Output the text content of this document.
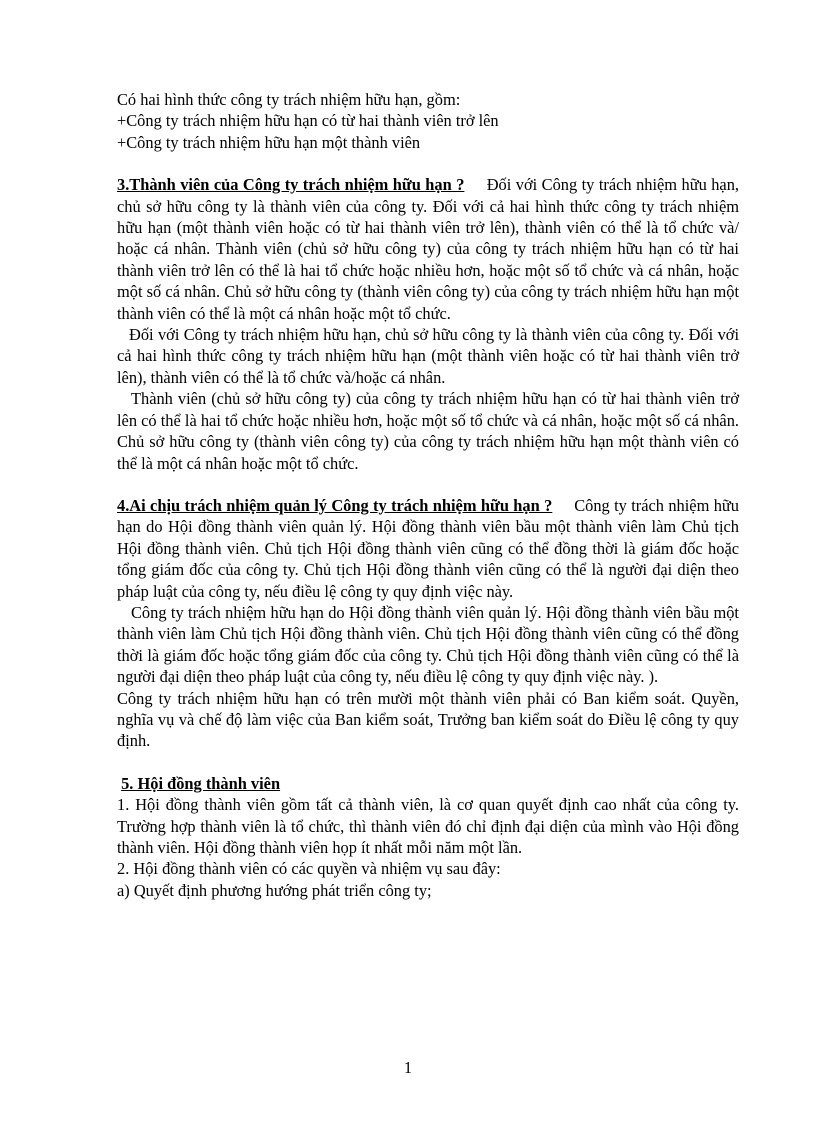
Có hai hình thức công ty trách nhiệm hữu hạn, gồm:

+Công ty trách nhiệm hữu hạn có từ hai thành viên trở lên

+Công ty trách nhiệm hữu hạn một thành viên

3.Thành viên của Công ty trách nhiệm hữu hạn ? Đối với Công ty trách nhiệm hữu hạn, chủ sở hữu công ty là thành viên của công ty. Đối với cả hai hình thức công ty trách nhiệm hữu hạn (một thành viên hoặc có từ hai thành viên trở lên), thành viên có thể là tổ chức và/ hoặc cá nhân. Thành viên (chủ sở hữu công ty) của công ty trách nhiệm hữu hạn có từ hai thành viên trở lên có thể là hai tổ chức hoặc nhiều hơn, hoặc một số tổ chức và cá nhân, hoặc một số cá nhân. Chủ sở hữu công ty (thành viên công ty) của công ty trách nhiệm hữu hạn một thành viên có thể là một cá nhân hoặc một tổ chức.

Đối với Công ty trách nhiệm hữu hạn, chủ sở hữu công ty là thành viên của công ty. Đối với cả hai hình thức công ty trách nhiệm hữu hạn (một thành viên hoặc có từ hai thành viên trở lên), thành viên có thể là tổ chức và/hoặc cá nhân.

Thành viên (chủ sở hữu công ty) của công ty trách nhiệm hữu hạn có từ hai thành viên trở lên có thể là hai tổ chức hoặc nhiều hơn, hoặc một số tổ chức và cá nhân, hoặc một số cá nhân. Chủ sở hữu công ty (thành viên công ty) của công ty trách nhiệm hữu hạn một thành viên có thể là một cá nhân hoặc một tổ chức.

4.Ai chịu trách nhiệm quản lý Công ty trách nhiệm hữu hạn ? Công ty trách nhiệm hữu hạn do Hội đồng thành viên quản lý. Hội đồng thành viên bầu một thành viên làm Chủ tịch Hội đồng thành viên. Chủ tịch Hội đồng thành viên cũng có thể đồng thời là giám đốc hoặc tổng giám đốc của công ty. Chủ tịch Hội đồng thành viên cũng có thể là người đại diện theo pháp luật của công ty, nếu điều lệ công ty quy định việc này.

Công ty trách nhiệm hữu hạn do Hội đồng thành viên quản lý. Hội đồng thành viên bầu một thành viên làm Chủ tịch Hội đồng thành viên. Chủ tịch Hội đồng thành viên cũng có thể đồng thời là giám đốc hoặc tổng giám đốc của công ty. Chủ tịch Hội đồng thành viên cũng có thể là người đại diện theo pháp luật của công ty, nếu điều lệ công ty quy định việc này. ).

Công ty trách nhiệm hữu hạn có trên mười một thành viên phải có Ban kiểm soát. Quyền, nghĩa vụ và chế độ làm việc của Ban kiểm soát, Trưởng ban kiểm soát do Điều lệ công ty quy định.

5. Hội đồng thành viên

1. Hội đồng thành viên gồm tất cả thành viên, là cơ quan quyết định cao nhất của công ty. Trường hợp thành viên là tổ chức, thì thành viên đó chỉ định đại diện của mình vào Hội đồng thành viên. Hội đồng thành viên họp ít nhất mỗi năm một lần.

2. Hội đồng thành viên có các quyền và nhiệm vụ sau đây:

a) Quyết định phương hướng phát triển công ty;

1
